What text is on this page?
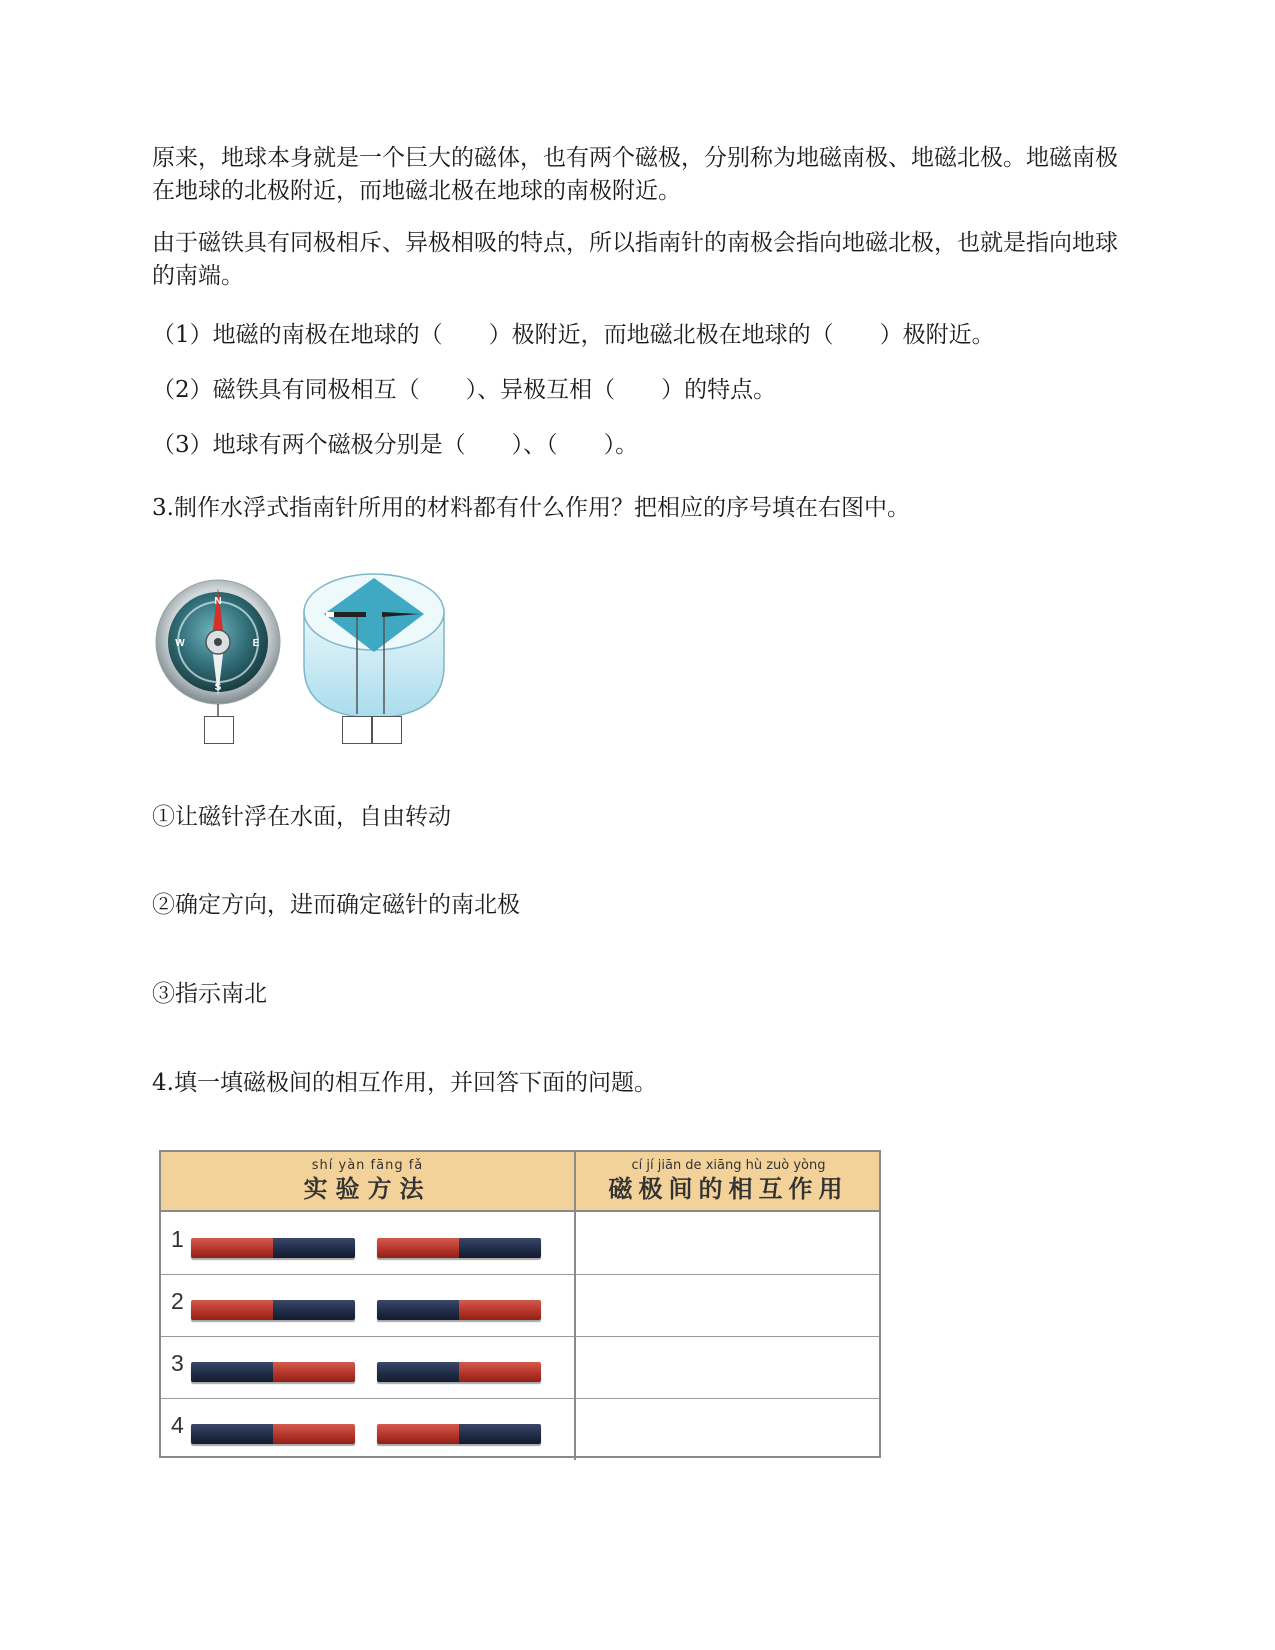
原来，地球本身就是一个巨大的磁体，也有两个磁极，分别称为地磁南极、地磁北极。地磁南极在地球的北极附近，而地磁北极在地球的南极附近。

由于磁铁具有同极相斥、异极相吸的特点，所以指南针的南极会指向地磁北极，也就是指向地球的南端。

（1）地磁的南极在地球的（ ）极附近，而地磁北极在地球的（ ）极附近。
（2）磁铁具有同极相互（ ）、异极互相（ ）的特点。
（3）地球有两个磁极分别是（ ）、（ ）。
3.制作水浮式指南针所用的材料都有什么作用？把相应的序号填在右图中。
N
S
W	E
①让磁针浮在水面，自由转动
②确定方向，进而确定磁针的南北极
③指示南北
4.填一填磁极间的相互作用，并回答下面的问题。
shí yàn fāng fǎ
实验方法
cí jí jiān de xiāng hù zuò yòng
磁极间的相互作用
1
2
3
4
